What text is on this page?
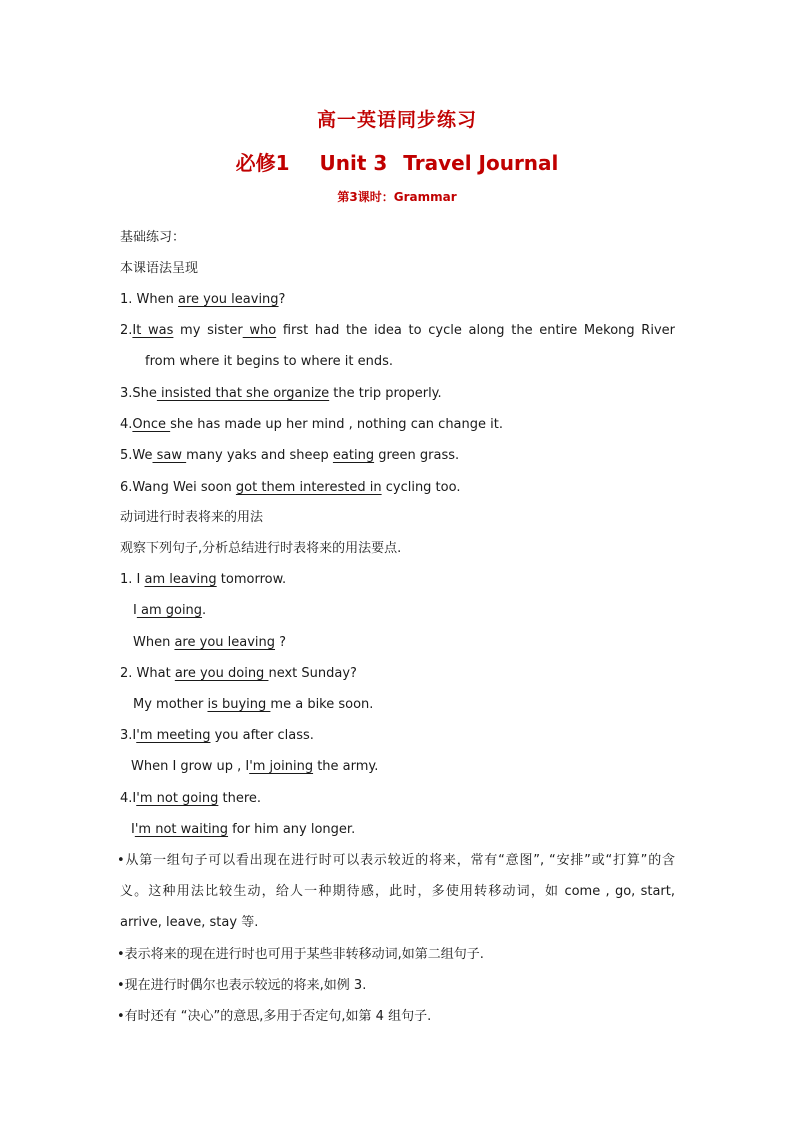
高一英语同步练习
必修1 Unit 3 Travel Journal
第3课时：Grammar
基础练习：
本课语法呈现
1. When are you leaving?
2.It was my sister who first had the idea to cycle along the entire Mekong River
from where it begins to where it ends.
3.She insisted that she organize the trip properly.
4.Once she has made up her mind , nothing can change it.
5.We saw many yaks and sheep eating green grass.
6.Wang Wei soon got them interested in cycling too.
动词进行时表将来的用法
观察下列句子,分析总结进行时表将来的用法要点.
1. I am leaving tomorrow.
I am going.
When are you leaving ?
2. What are you doing next Sunday?
My mother is buying me a bike soon.
3.I'm meeting you after class.
When I grow up , I'm joining the army.
4.I'm not going there.
I'm not waiting for him any longer.
•从第一组句子可以看出现在进行时可以表示较近的将来，常有“意图”, “安排”或“打算”的含
义。这种用法比较生动，给人一种期待感，此时，多使用转移动词，如 come , go, start,
arrive, leave, stay 等.
•表示将来的现在进行时也可用于某些非转移动词,如第二组句子.
•现在进行时偶尔也表示较远的将来,如例 3.
•有时还有 “决心”的意思,多用于否定句,如第 4 组句子.
